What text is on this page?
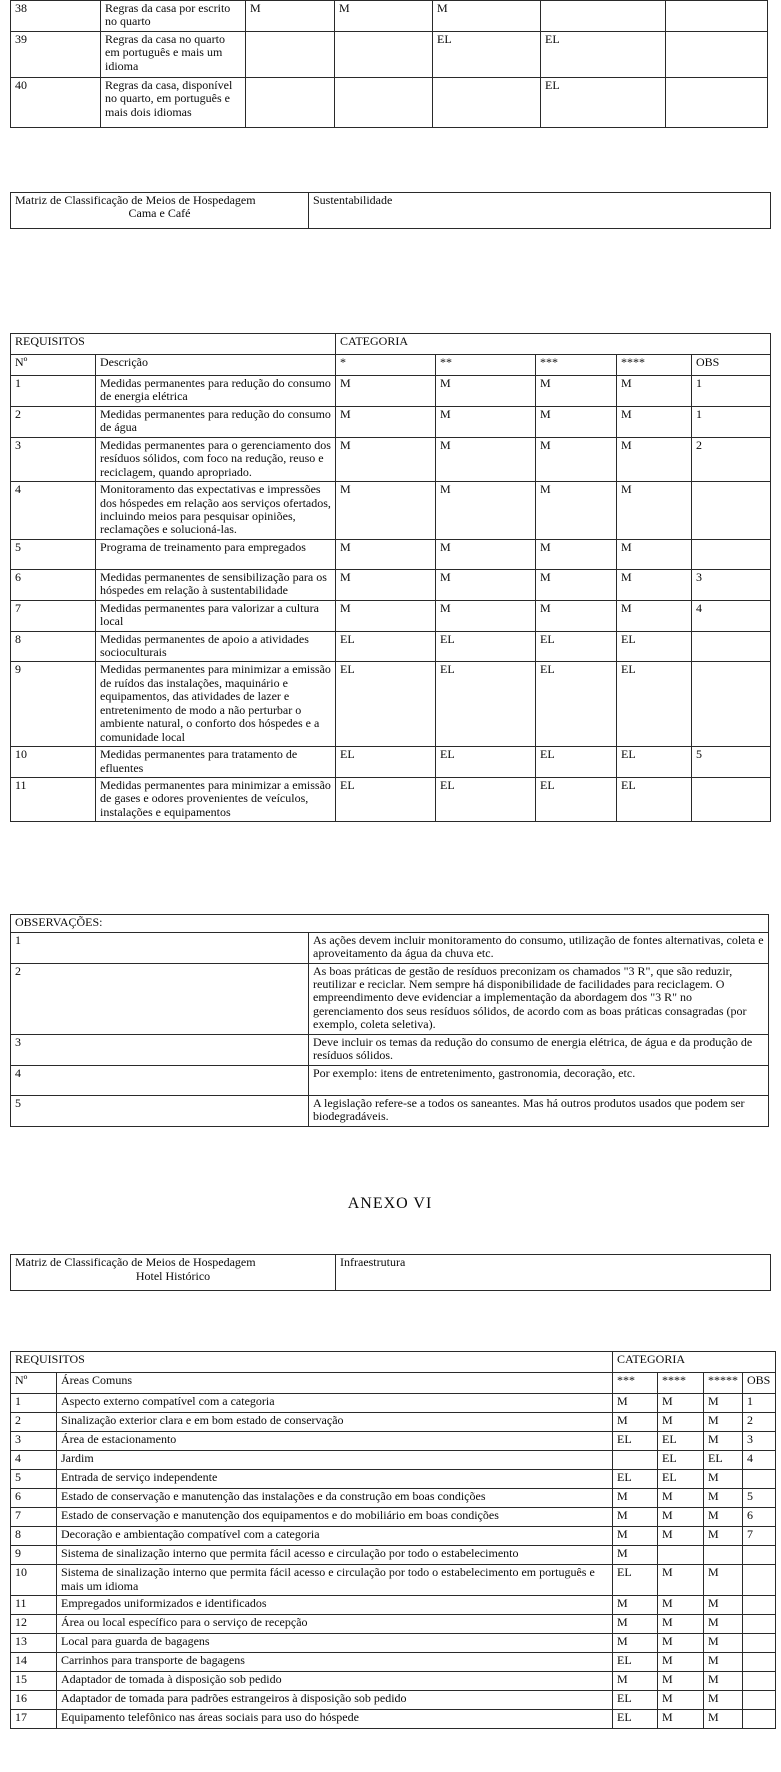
38	Regras da casa por escrito no quarto	M	M	M		
39	Regras da casa no quarto em português e mais um idioma			EL	EL	
40	Regras da casa, disponível no quarto, em português e mais dois idiomas				EL	
Matriz de Classificação de Meios de Hospedagem
Cama e Café
	Sustentabilidade
REQUISITOS		CATEGORIA				
Nº	Descrição	*	**	***	****	OBS
1	Medidas permanentes para redução do consumo de energia elétrica	M	M	M	M	1
2	Medidas permanentes para redução do consumo de água	M	M	M	M	1
3	Medidas permanentes para o gerenciamento dos resíduos sólidos, com foco na redução, reuso e reciclagem, quando apropriado.	M	M	M	M	2
4	Monitoramento das expectativas e impressões dos hóspedes em relação aos serviços ofertados, incluindo meios para pesquisar opiniões, reclamações e solucioná-las.	M	M	M	M	
5	Programa de treinamento para empregados	M	M	M	M	
6	Medidas permanentes de sensibilização para os hóspedes em relação à sustentabilidade	M	M	M	M	3
7	Medidas permanentes para valorizar a cultura local	M	M	M	M	4
8	Medidas permanentes de apoio a atividades socioculturais	EL	EL	EL	EL	
9	Medidas permanentes para minimizar a emissão de ruídos das instalações, maquinário e equipamentos, das atividades de lazer e entretenimento de modo a não perturbar o ambiente natural, o conforto dos hóspedes e a comunidade local	EL	EL	EL	EL	
10	Medidas permanentes para tratamento de efluentes	EL	EL	EL	EL	5
11	Medidas permanentes para minimizar a emissão de gases e odores provenientes de veículos, instalações e equipamentos	EL	EL	EL	EL	
OBSERVAÇÕES:	
1	As ações devem incluir monitoramento do consumo, utilização de fontes alternativas, coleta e aproveitamento da água da chuva etc.
2	As boas práticas de gestão de resíduos preconizam os chamados "3 R", que são reduzir, reutilizar e reciclar. Nem sempre há disponibilidade de facilidades para reciclagem. O empreendimento deve evidenciar a implementação da abordagem dos "3 R" no gerenciamento dos seus resíduos sólidos, de acordo com as boas práticas consagradas (por exemplo, coleta seletiva).
3	Deve incluir os temas da redução do consumo de energia elétrica, de água e da produção de resíduos sólidos.
4	Por exemplo: itens de entretenimento, gastronomia, decoração, etc.
5	A legislação refere-se a todos os saneantes. Mas há outros produtos usados que podem ser biodegradáveis.
ANEXO VI
Matriz de Classificação de Meios de Hospedagem
Hotel Histórico
	Infraestrutura
REQUISITOS		CATEGORIA			
Nº	Áreas Comuns	***	****	*****	OBS
1	Aspecto externo compatível com a categoria	M	M	M	1
2	Sinalização exterior clara e em bom estado de conservação	M	M	M	2
3	Área de estacionamento	EL	EL	M	3
4	Jardim		EL	EL	4
5	Entrada de serviço independente	EL	EL	M	
6	Estado de conservação e manutenção das instalações e da construção em boas condições	M	M	M	5
7	Estado de conservação e manutenção dos equipamentos e do mobiliário em boas condições	M	M	M	6
8	Decoração e ambientação compatível com a categoria	M	M	M	7
9	Sistema de sinalização interno que permita fácil acesso e circulação por todo o estabelecimento	M			
10	Sistema de sinalização interno que permita fácil acesso e circulação por todo o estabelecimento em português e mais um idioma	EL	M	M	
11	Empregados uniformizados e identificados	M	M	M	
12	Área ou local específico para o serviço de recepção	M	M	M	
13	Local para guarda de bagagens	M	M	M	
14	Carrinhos para transporte de bagagens	EL	M	M	
15	Adaptador de tomada à disposição sob pedido	M	M	M	
16	Adaptador de tomada para padrões estrangeiros à disposição sob pedido	EL	M	M	
17	Equipamento telefônico nas áreas sociais para uso do hóspede	EL	M	M	
